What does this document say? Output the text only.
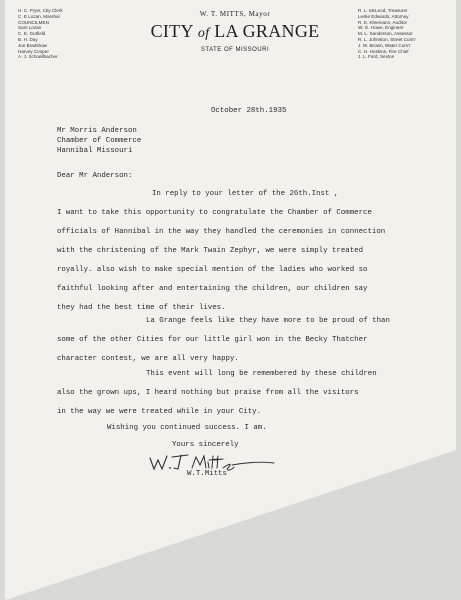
H. C. Fryer, City Clerk
C. E Lozan, Marshal
COUNCILMEN
Sam Lozan
C. E. Gutfield
B. H. Day
Joe Bradshaw
Harvey Cooper
A. J. Schoellbacher
W. T. MITTS, Mayor
CITY of LA GRANGE
STATE OF MISSOURI
R. L. McLeod, Treasurer
Leslie Edwards, Attorney
R. E. Kleemann, Auditor
W. G. Howe, Engineer
M. L. Sanderson, Assessor
R. L. Johnston, Street Com'r
J. W. Brown, Water Com'r
C. H. Hoskins, Fire Chief
J. L. Ford, Sexton
October 28th.1935
Mr Morris Anderson
Chamber of Commerce
Hannibal Missouri
Dear Mr Anderson:
In reply to your letter of the 26th.Inst ,
I want to take this opportunity to congratulate the Chamber of Commerce
officials of Hannibal in the way they handled the ceremonies in connection
with the christening of the Mark Twain Zephyr, we were simply treated
royally. also wish to make special mention of the ladies who worked so
faithful looking after and entertaining the children, our children say
they had the best time of their lives.
La Grange feels like they have more to be proud of than
some of the other Cities for our little girl won in the Becky Thatcher
character contest, we are all very happy.
This event will long be remembered by these children
also the grown ups, I heard nothing but praise from all the visitors
in the way we were treated while in your City.
Wishing you continued success. I am.
Yours sincerely
W.T.Mitts
